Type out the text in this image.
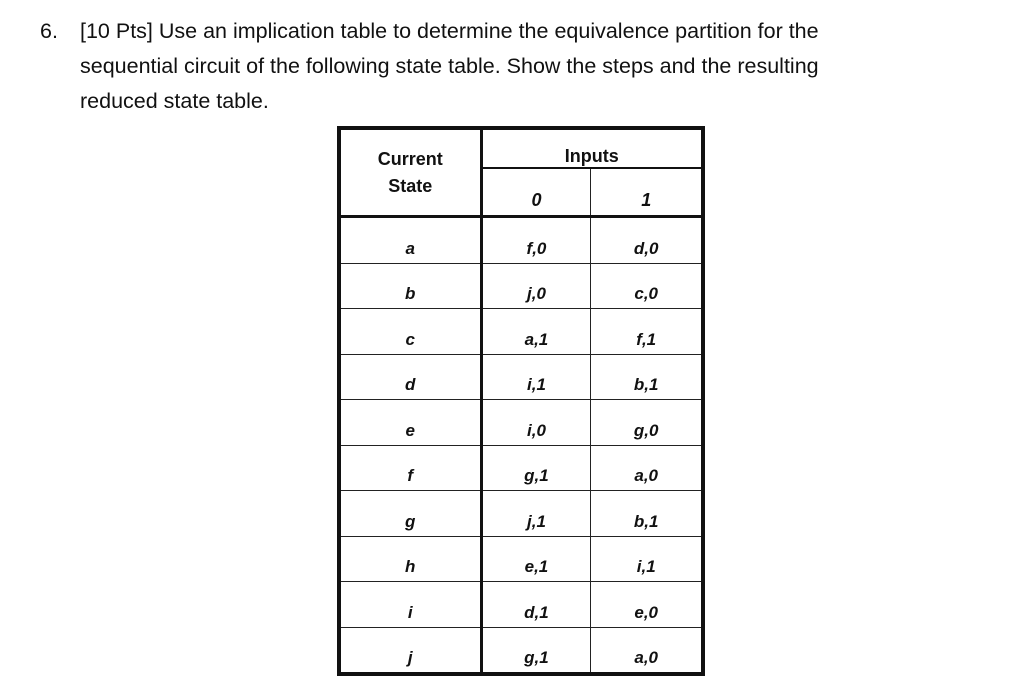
6. [10 Pts] Use an implication table to determine the equivalence partition for the
sequential circuit of the following state table. Show the steps and the resulting
reduced state table.
Current
State	Inputs	
	0	1
a	f,0	d,0
b	j,0	c,0
c	a,1	f,1
d	i,1	b,1
e	i,0	g,0
f	g,1	a,0
g	j,1	b,1
h	e,1	i,1
i	d,1	e,0
j	g,1	a,0
